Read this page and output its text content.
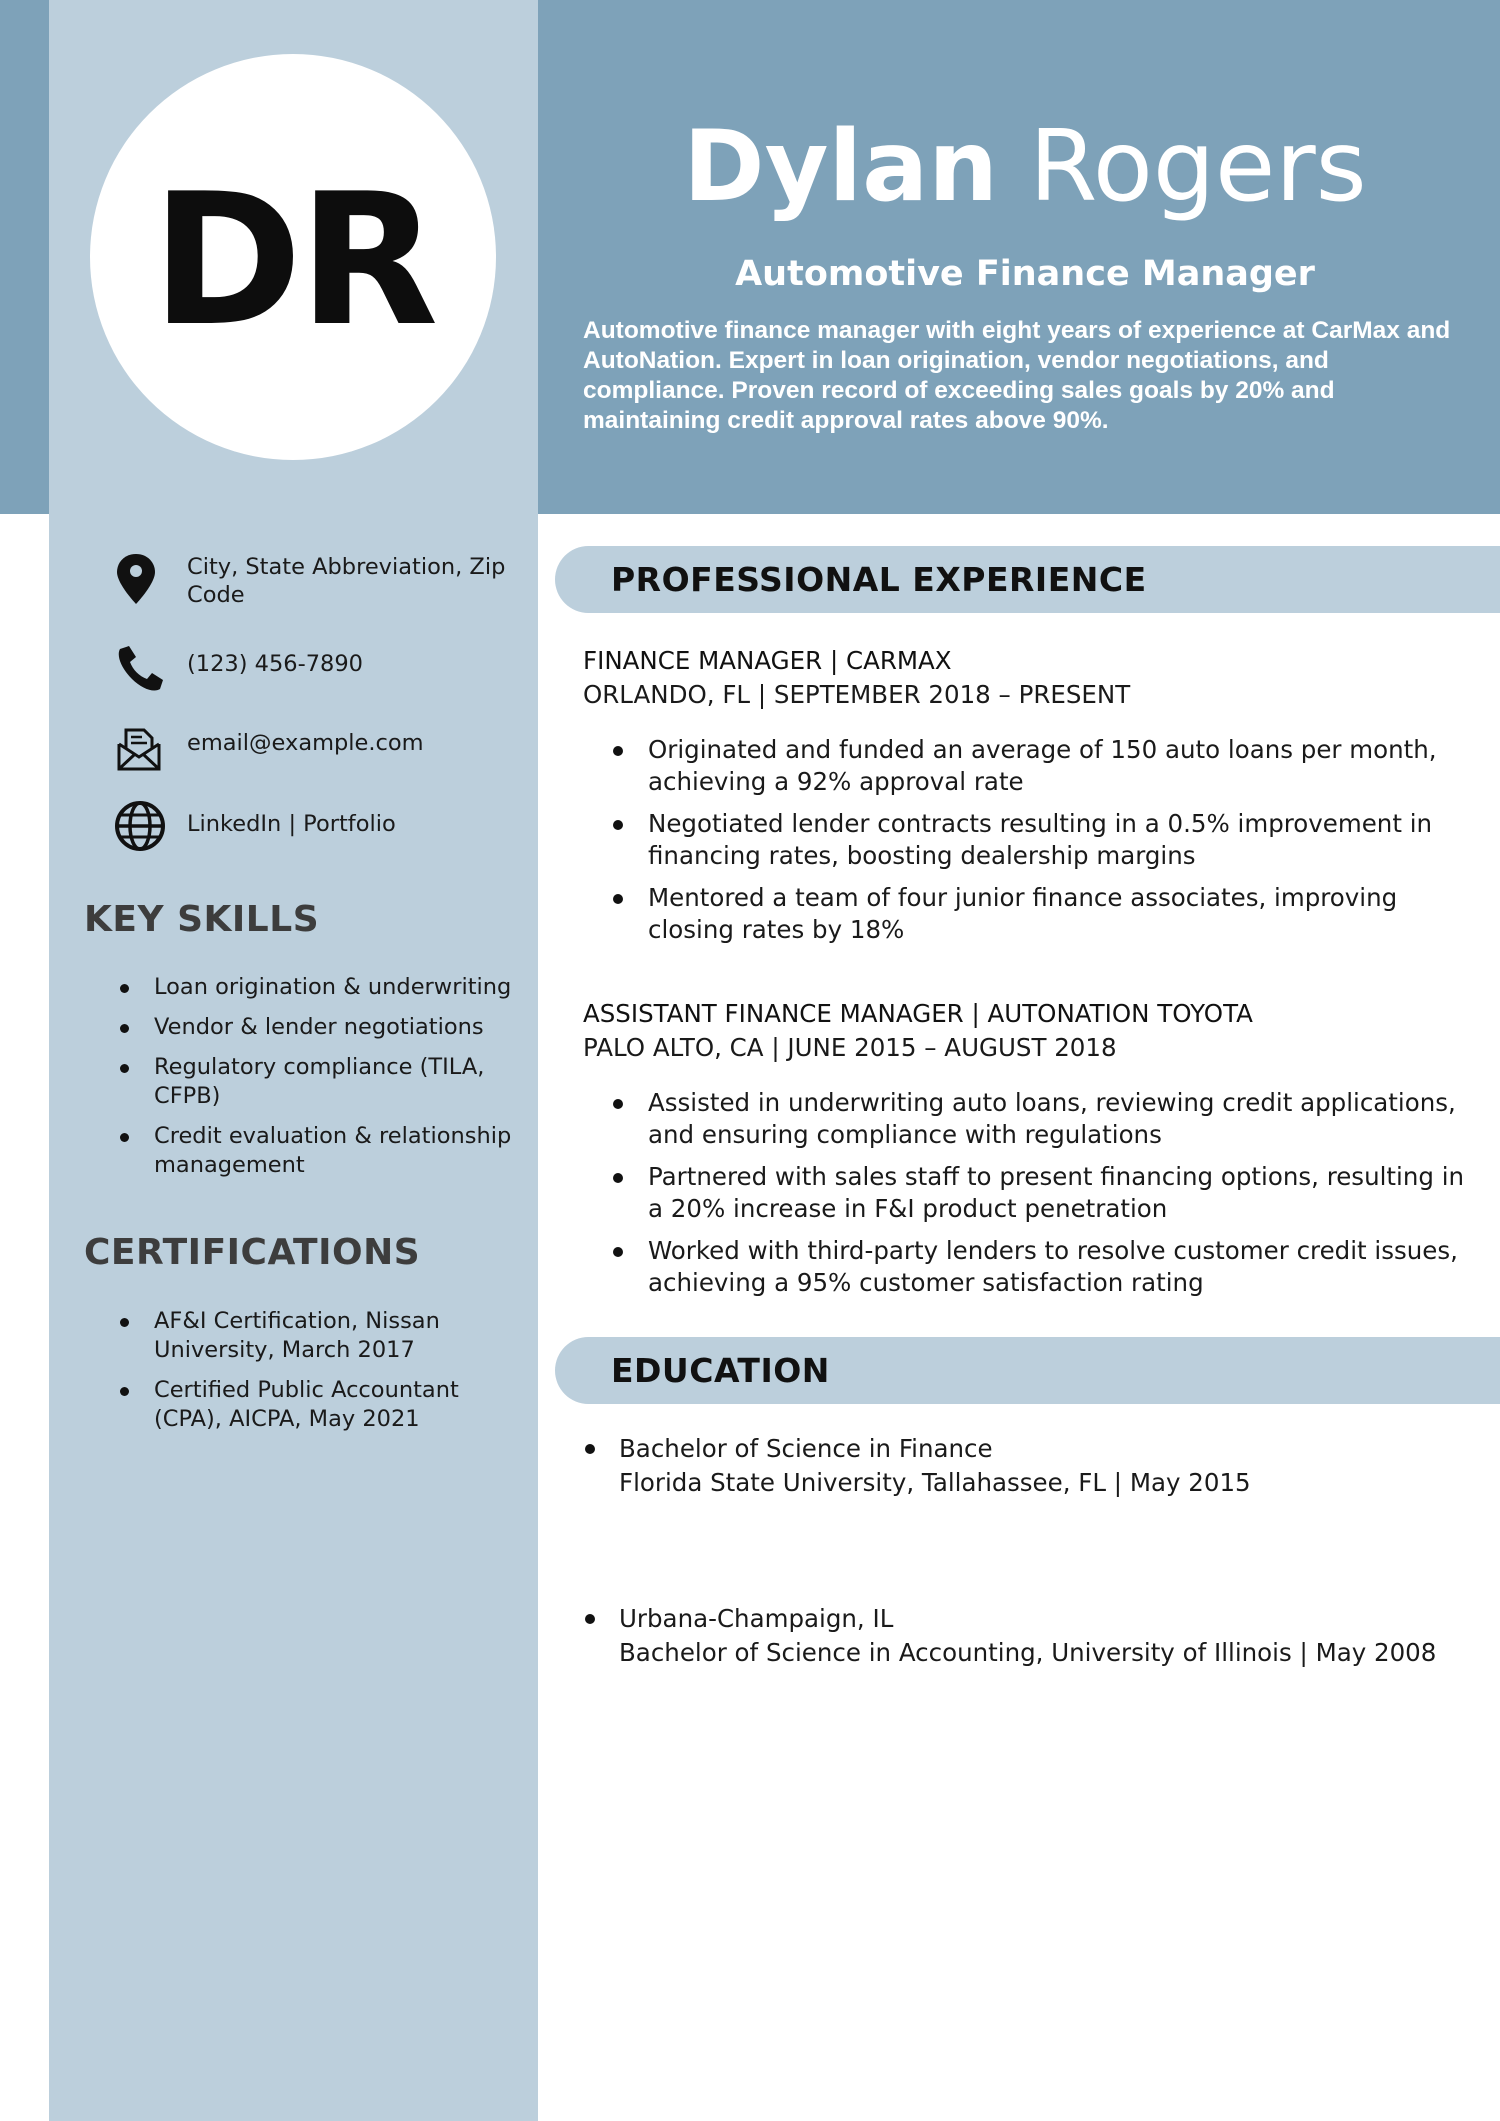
DR	Dylan Rogers
Automotive Finance Manager
Automotive finance manager with eight years of experience at CarMax and AutoNation. Expert in loan origination, vendor negotiations, and compliance. Proven record of exceeding sales goals by 20% and maintaining credit approval rates above 90%.
City, State Abbreviation, Zip Code
(123) 456-7890
email@example.com
LinkedIn | Portfolio
KEY SKILLS
Loan origination & underwriting
Vendor & lender negotiations
Regulatory compliance (TILA, CFPB)
Credit evaluation & relationship management
CERTIFICATIONS
AF&I Certification, Nissan University, March 2017
Certified Public Accountant (CPA), AICPA, May 2021
PROFESSIONAL EXPERIENCE
FINANCE MANAGER | CARMAX
ORLANDO, FL | SEPTEMBER 2018 – PRESENT
Originated and funded an average of 150 auto loans per month, achieving a 92% approval rate
Negotiated lender contracts resulting in a 0.5% improvement in financing rates, boosting dealership margins
Mentored a team of four junior finance associates, improving closing rates by 18%
ASSISTANT FINANCE MANAGER | AUTONATION TOYOTA
PALO ALTO, CA | JUNE 2015 – AUGUST 2018
Assisted in underwriting auto loans, reviewing credit applications, and ensuring compliance with regulations
Partnered with sales staff to present financing options, resulting in a 20% increase in F&I product penetration
Worked with third-party lenders to resolve customer credit issues, achieving a 95% customer satisfaction rating
EDUCATION
Bachelor of Science in Finance
Florida State University, Tallahassee, FL | May 2015
Urbana-Champaign, IL
Bachelor of Science in Accounting, University of Illinois | May 2008
